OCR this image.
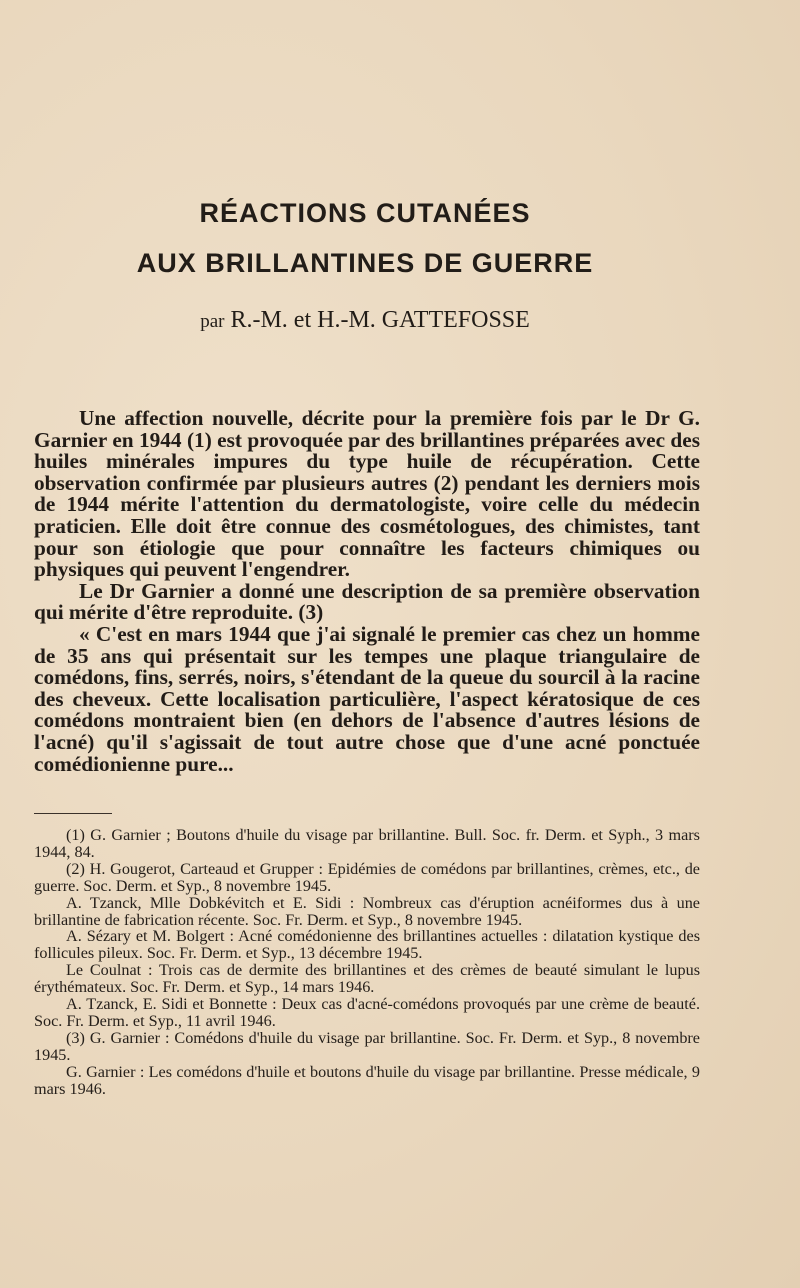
RÉACTIONS CUTANÉES
AUX BRILLANTINES DE GUERRE
par R.-M. et H.-M. GATTEFOSSE

Une affection nouvelle, décrite pour la première fois par le Dr G. Garnier en 1944 (1) est provoquée par des brillantines préparées avec des huiles minérales impures du type huile de récupération. Cette observation confirmée par plusieurs autres (2) pendant les derniers mois de 1944 mérite l'attention du dermatologiste, voire celle du médecin praticien. Elle doit être connue des cosmétologues, des chimistes, tant pour son étiologie que pour connaître les facteurs chimiques ou physiques qui peuvent l'engendrer.

Le Dr Garnier a donné une description de sa première observation qui mérite d'être reproduite. (3)

« C'est en mars 1944 que j'ai signalé le premier cas chez un homme de 35 ans qui présentait sur les tempes une plaque triangulaire de comédons, fins, serrés, noirs, s'étendant de la queue du sourcil à la racine des cheveux. Cette localisation particulière, l'aspect kératosique de ces comédons montraient bien (en dehors de l'absence d'autres lésions de l'acné) qu'il s'agissait de tout autre chose que d'une acné ponctuée comédionienne pure...

(1) G. Garnier ; Boutons d'huile du visage par brillantine. Bull. Soc. fr. Derm. et Syph., 3 mars 1944, 84.

(2) H. Gougerot, Carteaud et Grupper : Epidémies de comédons par brillantines, crèmes, etc., de guerre. Soc. Derm. et Syp., 8 novembre 1945.

A. Tzanck, Mlle Dobkévitch et E. Sidi : Nombreux cas d'éruption acnéiformes dus à une brillantine de fabrication récente. Soc. Fr. Derm. et Syp., 8 novembre 1945.

A. Sézary et M. Bolgert : Acné comédonienne des brillantines actuelles : dilatation kystique des follicules pileux. Soc. Fr. Derm. et Syp., 13 décembre 1945.

Le Coulnat : Trois cas de dermite des brillantines et des crèmes de beauté simulant le lupus érythémateux. Soc. Fr. Derm. et Syp., 14 mars 1946.

A. Tzanck, E. Sidi et Bonnette : Deux cas d'acné-comédons provoqués par une crème de beauté. Soc. Fr. Derm. et Syp., 11 avril 1946.

(3) G. Garnier : Comédons d'huile du visage par brillantine. Soc. Fr. Derm. et Syp., 8 novembre 1945.

G. Garnier : Les comédons d'huile et boutons d'huile du visage par brillantine. Presse médicale, 9 mars 1946.
